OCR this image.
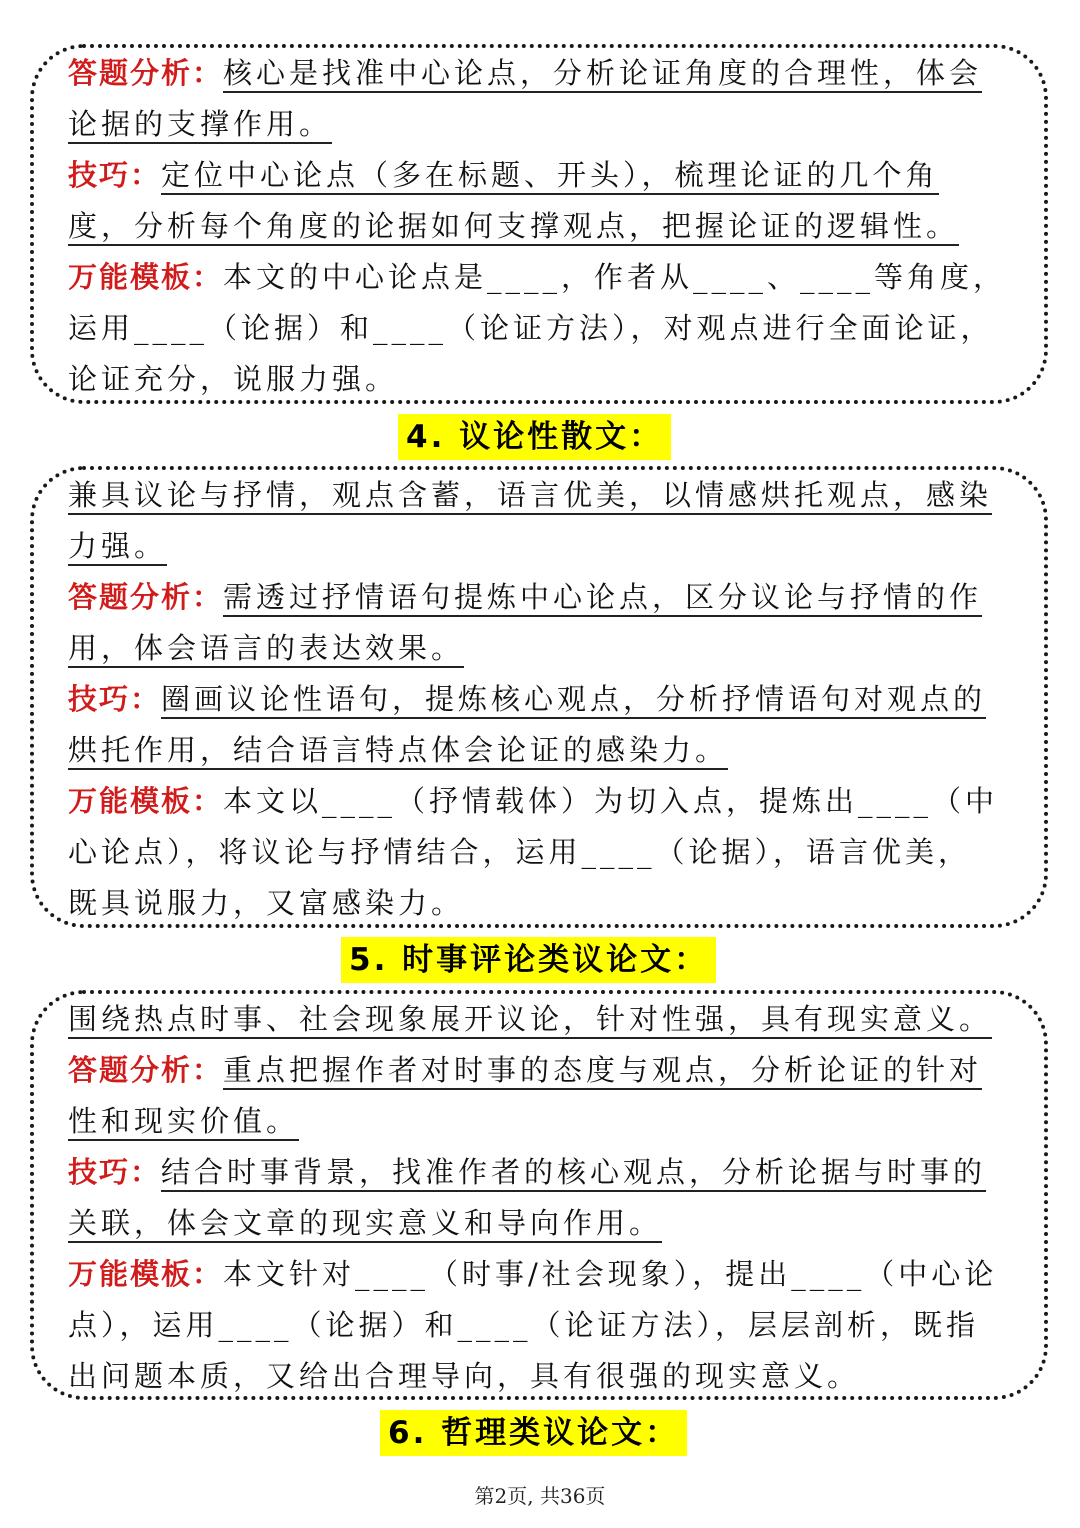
答题分析：核心是找准中心论点，分析论证角度的合理性，体会
论据的支撑作用。
技巧：定位中心论点（多在标题、开头），梳理论证的几个角
度，分析每个角度的论据如何支撑观点，把握论证的逻辑性。
万能模板：本文的中心论点是____，作者从____、____等角度，
运用____（论据）和____（论证方法），对观点进行全面论证，
论证充分，说服力强。
4. 议论性散文：
兼具议论与抒情，观点含蓄，语言优美，以情感烘托观点，感染
力强。
答题分析：需透过抒情语句提炼中心论点，区分议论与抒情的作
用，体会语言的表达效果。
技巧：圈画议论性语句，提炼核心观点，分析抒情语句对观点的
烘托作用，结合语言特点体会论证的感染力。
万能模板：本文以____（抒情载体）为切入点，提炼出____（中
心论点），将议论与抒情结合，运用____（论据），语言优美，
既具说服力，又富感染力。
5. 时事评论类议论文：
围绕热点时事、社会现象展开议论，针对性强，具有现实意义。
答题分析：重点把握作者对时事的态度与观点，分析论证的针对
性和现实价值。
技巧：结合时事背景，找准作者的核心观点，分析论据与时事的
关联，体会文章的现实意义和导向作用。
万能模板：本文针对____（时事/社会现象），提出____（中心论
点），运用____（论据）和____（论证方法），层层剖析，既指
出问题本质，又给出合理导向，具有很强的现实意义。
6. 哲理类议论文：
第2页, 共36页
